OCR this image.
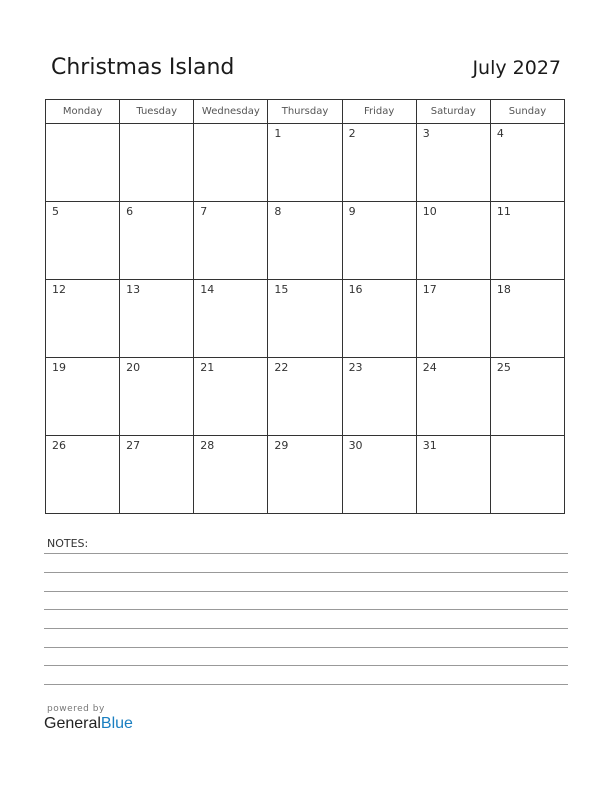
Christmas Island	July 2027
Monday	Tuesday	Wednesday	Thursday	Friday	Saturday	Sunday

			1	2	3	4

5	6	7	8	9	10	11

12	13	14	15	16	17	18

19	20	21	22	23	24	25

26	27	28	29	30	31	

NOTES:
powered by
GeneralBlue
